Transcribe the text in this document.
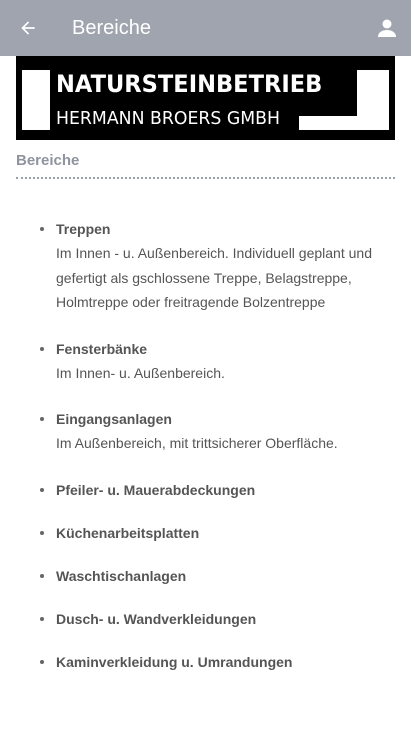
Bereiche
NATURSTEINBETRIEB
HERMANN BROERS GMBH
Bereiche
Treppen
Im Innen - u. Außenbereich. Individuell geplant und gefertigt als gschlossene Treppe, Belagstreppe, Holmtreppe oder freitragende Bolzentreppe
Fensterbänke
Im Innen- u. Außenbereich.
Eingangsanlagen
Im Außenbereich, mit trittsicherer Oberfläche.
Pfeiler- u. Mauerabdeckungen
Küchenarbeitsplatten
Waschtischanlagen
Dusch- u. Wandverkleidungen
Kaminverkleidung u. Umrandungen
